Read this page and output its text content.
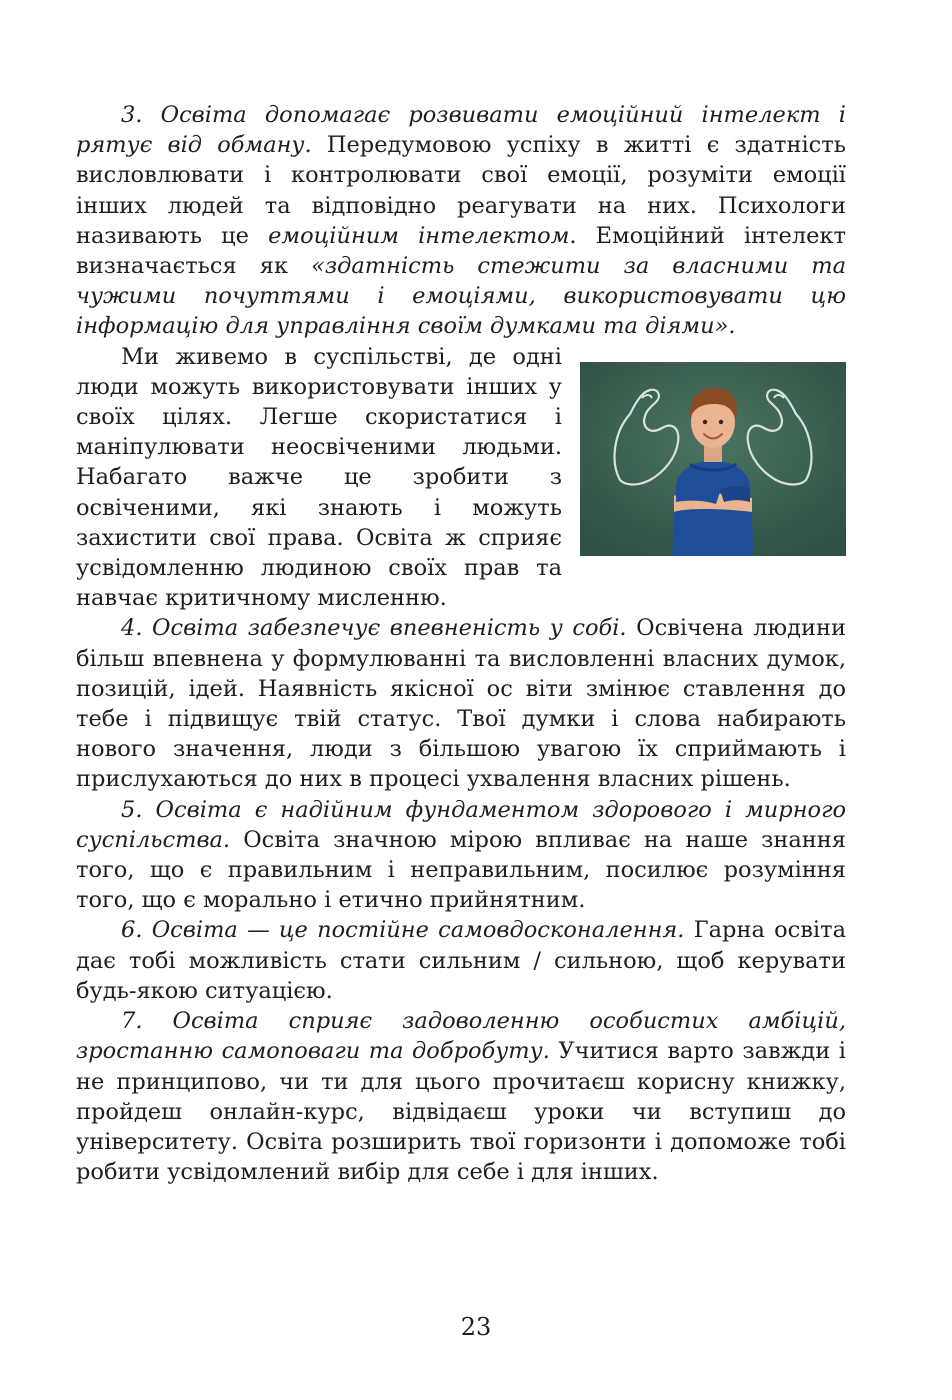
3. Освіта допомагає розвивати емоційний інтелект і рятує від обману. Передумовою успіху в житті є здатність висловлювати і контролювати свої емоції, розуміти емоції інших людей та відповідно реагувати на них. Психологи називають це емоційним інтелектом. Емоційний інтелект визначається як «здатність стежити за власними та чужими почуттями і емоціями, використовувати цю інформацію для управління своїм думками та діями».

Ми живемо в суспільстві, де одні люди можуть використовувати інших у своїх цілях. Легше скористатися і маніпулювати неосвіченими людьми. Набагато важче це зробити з освіченими, які знають і можуть захистити свої права. Освіта ж сприяє усвідомленню людиною своїх прав та навчає критичному мисленню.

4. Освіта забезпечує впевненість у собі. Освічена людини більш впевнена у формулюванні та висловленні власних думок, позицій, ідей. Наявність якісної ос віти змінює ставлення до тебе і підвищує твій статус. Твої думки і слова набирають нового значення, люди з більшою увагою їх сприймають і прислухаються до них в процесі ухвалення власних рішень.

5. Освіта є надійним фундаментом здорового і мирного суспільства. Освіта значною мірою впливає на наше знання того, що є правильним і неправильним, посилює розуміння того, що є морально і етично прийнятним.

6. Освіта — це постійне самовдосконалення. Гарна освіта дає тобі можливість стати сильним / сильною, щоб керувати будь-якою ситуацією.

7. Освіта сприяє задоволенню особистих амбіцій, зростанню самоповаги та добробуту. Учитися варто завжди і не принципово, чи ти для цього прочитаєш корисну книжку, пройдеш онлайн-курс, відвідаєш уроки чи вступиш до університету. Освіта розширить твої горизонти і допоможе тобі робити усвідомлений вибір для себе і для інших.

23
